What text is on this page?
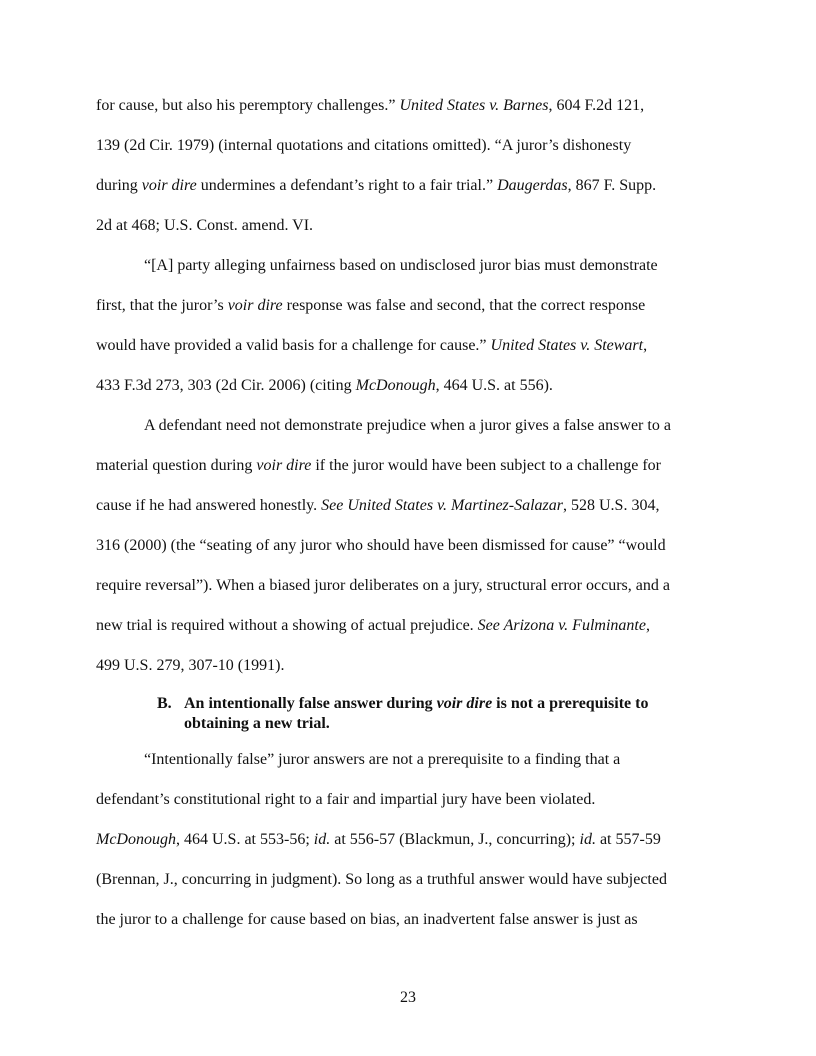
for cause, but also his peremptory challenges.” United States v. Barnes, 604 F.2d 121,

139 (2d Cir. 1979) (internal quotations and citations omitted). “A juror’s dishonesty

during voir dire undermines a defendant’s right to a fair trial.” Daugerdas, 867 F. Supp.

2d at 468; U.S. Const. amend. VI.

“[A] party alleging unfairness based on undisclosed juror bias must demonstrate

first, that the juror’s voir dire response was false and second, that the correct response

would have provided a valid basis for a challenge for cause.” United States v. Stewart,

433 F.3d 273, 303 (2d Cir. 2006) (citing McDonough, 464 U.S. at 556).

A defendant need not demonstrate prejudice when a juror gives a false answer to a

material question during voir dire if the juror would have been subject to a challenge for

cause if he had answered honestly. See United States v. Martinez-Salazar, 528 U.S. 304,

316 (2000) (the “seating of any juror who should have been dismissed for cause” “would

require reversal”). When a biased juror deliberates on a jury, structural error occurs, and a

new trial is required without a showing of actual prejudice. See Arizona v. Fulminante,

499 U.S. 279, 307-10 (1991).

B. An intentionally false answer during voir dire is not a prerequisite to
obtaining a new trial.

“Intentionally false” juror answers are not a prerequisite to a finding that a

defendant’s constitutional right to a fair and impartial jury have been violated.

McDonough, 464 U.S. at 553-56; id. at 556-57 (Blackmun, J., concurring); id. at 557-59

(Brennan, J., concurring in judgment). So long as a truthful answer would have subjected

the juror to a challenge for cause based on bias, an inadvertent false answer is just as

23
